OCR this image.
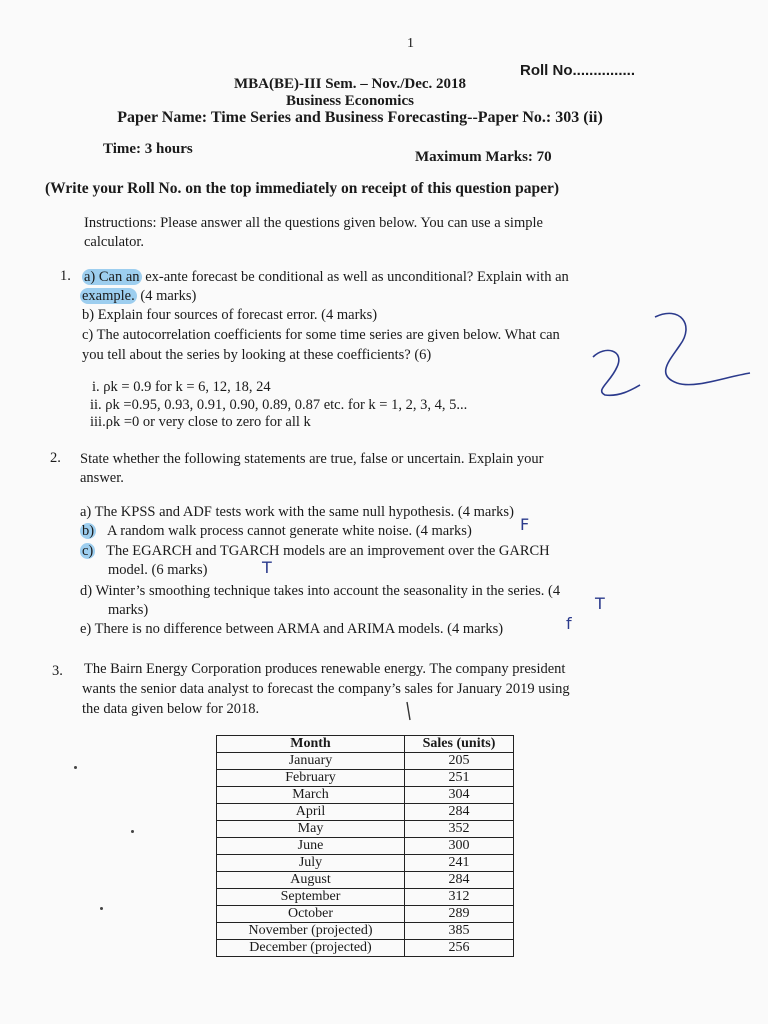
1
Roll No...............
MBA(BE)-III Sem. – Nov./Dec. 2018
Business Economics
Paper Name: Time Series and Business Forecasting--Paper No.: 303 (ii)
Time: 3 hours	Maximum Marks: 70
(Write your Roll No. on the top immediately on receipt of this question paper)
Instructions: Please answer all the questions given below. You can use a simple calculator.
1. a) Can an ex-ante forecast be conditional as well as unconditional? Explain with an
example. (4 marks)
b) Explain four sources of forecast error. (4 marks)
c) The autocorrelation coefficients for some time series are given below. What can
you tell about the series by looking at these coefficients? (6)
i. ρk = 0.9 for k = 6, 12, 18, 24
ii. ρk =0.95, 0.93, 0.91, 0.90, 0.89, 0.87 etc. for k = 1, 2, 3, 4, 5...
iii.ρk =0 or very close to zero for all k
2. State whether the following statements are true, false or uncertain. Explain your
answer.
a) The KPSS and ADF tests work with the same null hypothesis. (4 marks)
b) A random walk process cannot generate white noise. (4 marks)	F
c) The EGARCH and TGARCH models are an improvement over the GARCH
model. (6 marks)	T
d) Winter’s smoothing technique takes into account the seasonality in the series. (4
marks)	T
e) There is no difference between ARMA and ARIMA models. (4 marks)	f
3. The Bairn Energy Corporation produces renewable energy. The company president
wants the senior data analyst to forecast the company’s sales for January 2019 using
the data given below for 2018.
Month	Sales (units)
January	205
February	251
March	304
April	284
May	352
June	300
July	241
August	284
September	312
October	289
November (projected)	385
December (projected)	256
